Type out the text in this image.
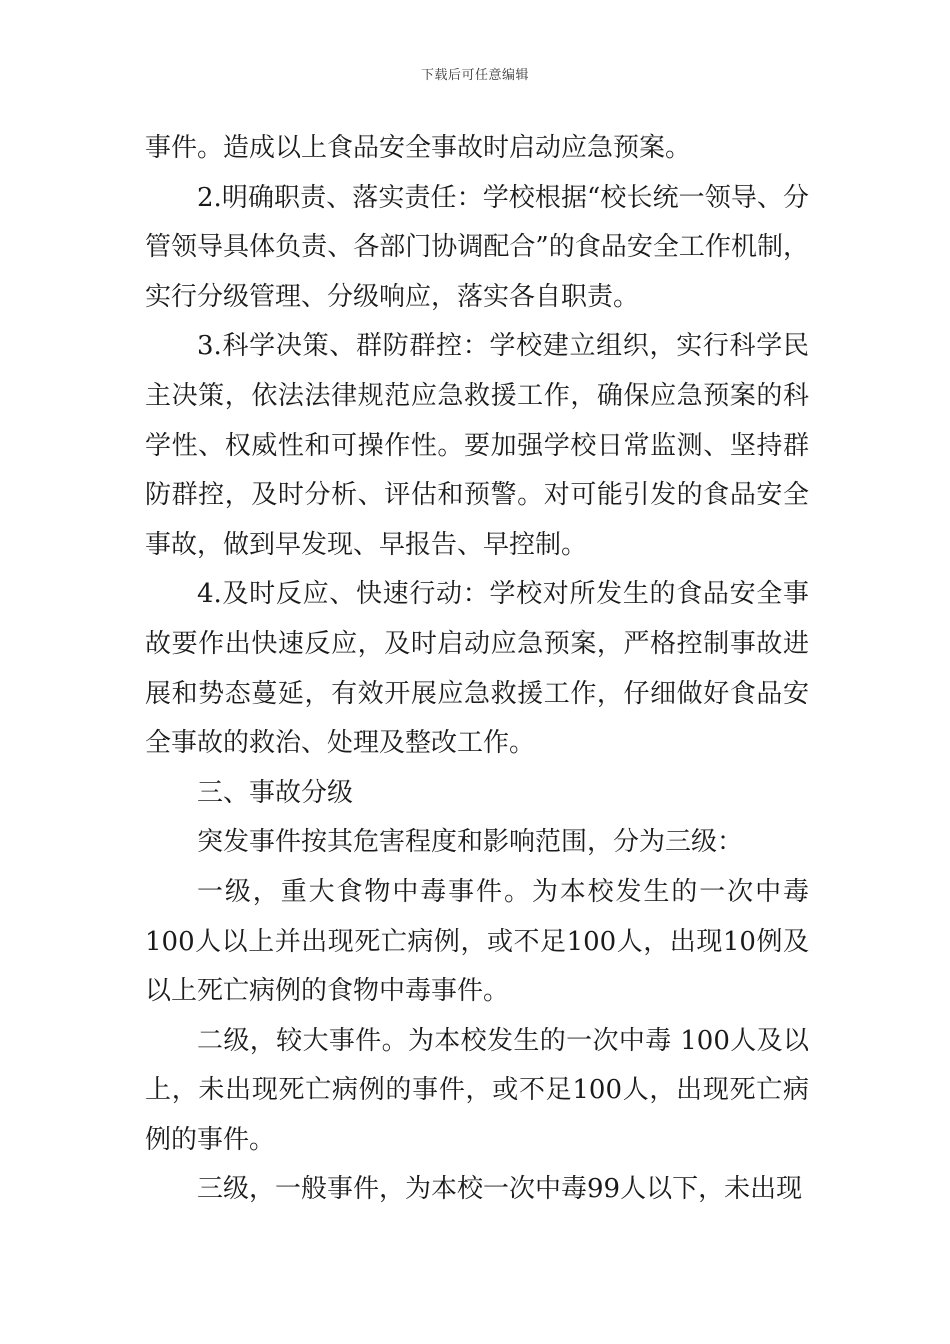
下载后可任意编辑

事件。造成以上食品安全事故时启动应急预案。

2.明确职责、落实责任：学校根据“校长统一领导、分管领导具体负责、各部门协调配合”的食品安全工作机制，实行分级管理、分级响应，落实各自职责。

3.科学决策、群防群控：学校建立组织，实行科学民主决策，依法法律规范应急救援工作，确保应急预案的科学性、权威性和可操作性。要加强学校日常监测、坚持群防群控，及时分析、评估和预警。对可能引发的食品安全事故，做到早发现、早报告、早控制。

4.及时反应、快速行动：学校对所发生的食品安全事故要作出快速反应，及时启动应急预案，严格控制事故进展和势态蔓延，有效开展应急救援工作，仔细做好食品安全事故的救治、处理及整改工作。

三、事故分级

突发事件按其危害程度和影响范围，分为三级：

一级，重大食物中毒事件。为本校发生的一次中毒100人以上并出现死亡病例，或不足100人，出现10例及以上死亡病例的食物中毒事件。

二级，较大事件。为本校发生的一次中毒 100人及以上，未出现死亡病例的事件，或不足100人，出现死亡病例的事件。

三级，一般事件，为本校一次中毒99人以下，未出现
